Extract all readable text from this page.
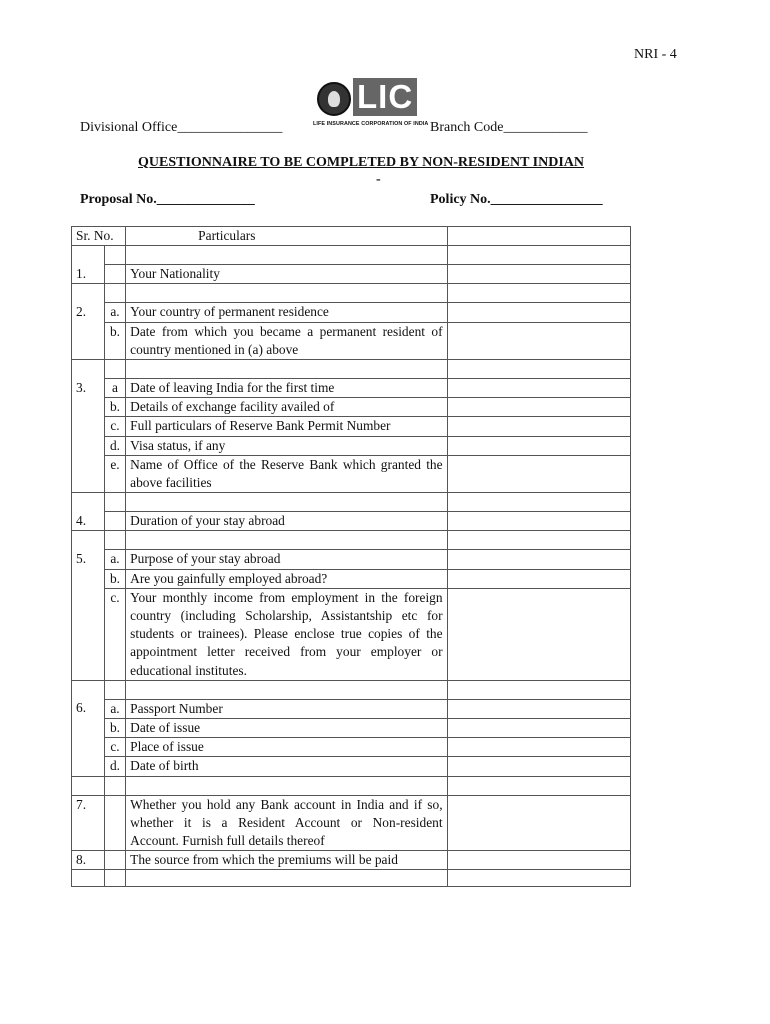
NRI - 4
LIC
LIFE INSURANCE CORPORATION OF INDIA
Divisional Office_______________	Branch Code____________
QUESTIONNAIRE TO BE COMPLETED BY NON-RESIDENT INDIAN
-
Proposal No.______________	Policy No.________________
Sr. No.		Particulars	

1.		Your Nationality	

2.	a.	Your country of permanent residence	
	b.	Date from which you became a permanent resident of country mentioned in (a) above	

3.	a	Date of leaving India for the first time	
	b.	Details of exchange facility availed of	
	c.	Full particulars of Reserve Bank Permit Number	
	d.	Visa status, if any	
	e.	Name of Office of the Reserve Bank which granted the above facilities	

4.		Duration of your stay abroad	

5.	a.	Purpose of your stay abroad	
	b.	Are you gainfully employed abroad?	
	c.	Your monthly income from employment in the foreign country (including Scholarship, Assistantship etc for students or trainees). Please enclose true copies of the appointment letter received from your employer or educational institutes.	

6.	a.	Passport Number	
	b.	Date of issue	
	c.	Place of issue	
	d.	Date of birth	

7.		Whether you hold any Bank account in India and if so, whether it is a Resident Account or Non-resident Account. Furnish full details thereof	
8.		The source from which the premiums will be paid	
